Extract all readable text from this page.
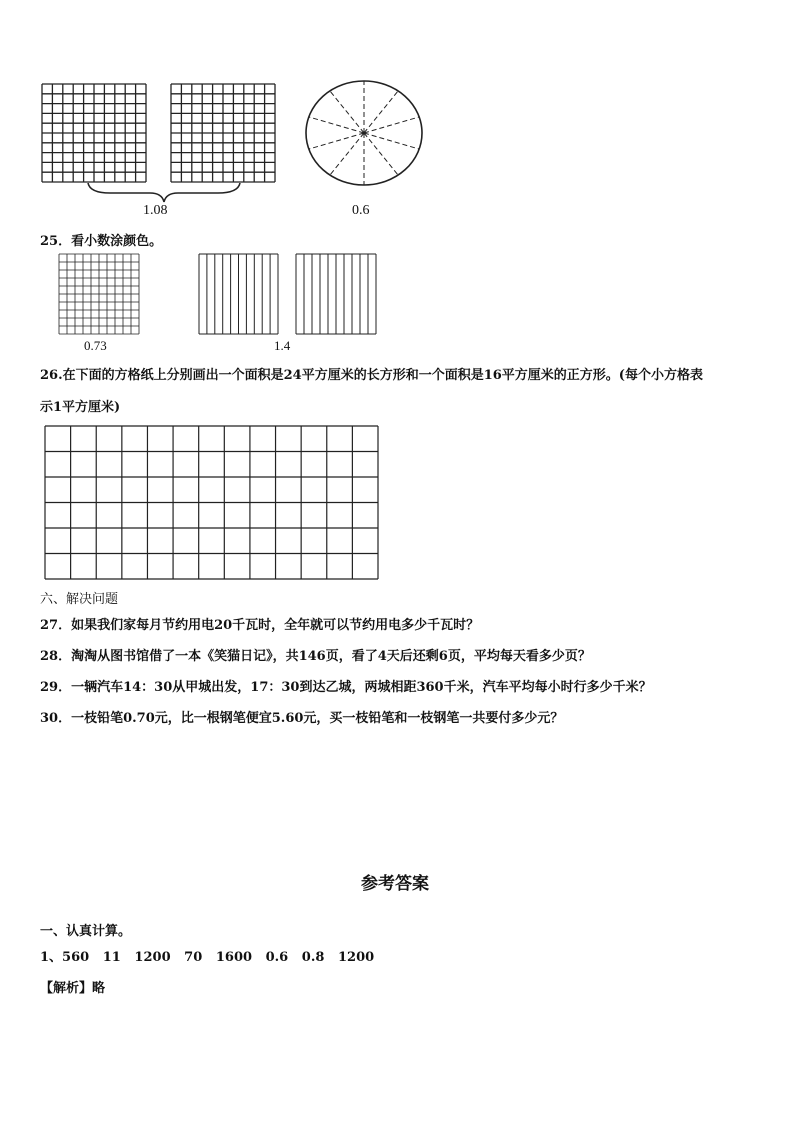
1.08	0.6
25．看小数涂颜色。
0.73	1.4
26.在下面的方格纸上分别画出一个面积是24平方厘米的长方形和一个面积是16平方厘米的正方形。(每个小方格表
示1平方厘米)
六、解决问题
27．如果我们家每月节约用电20千瓦时，全年就可以节约用电多少千瓦时？
28．淘淘从图书馆借了一本《笑猫日记》，共146页，看了4天后还剩6页，平均每天看多少页？
29．一辆汽车14：30从甲城出发，17：30到达乙城，两城相距360千米，汽车平均每小时行多少千米？
30．一枝铅笔0.70元，比一根钢笔便宜5.60元，买一枝铅笔和一枝钢笔一共要付多少元？
参考答案
一、认真计算。
1、560   11   1200   70   1600   0.6   0.8   1200
【解析】略
